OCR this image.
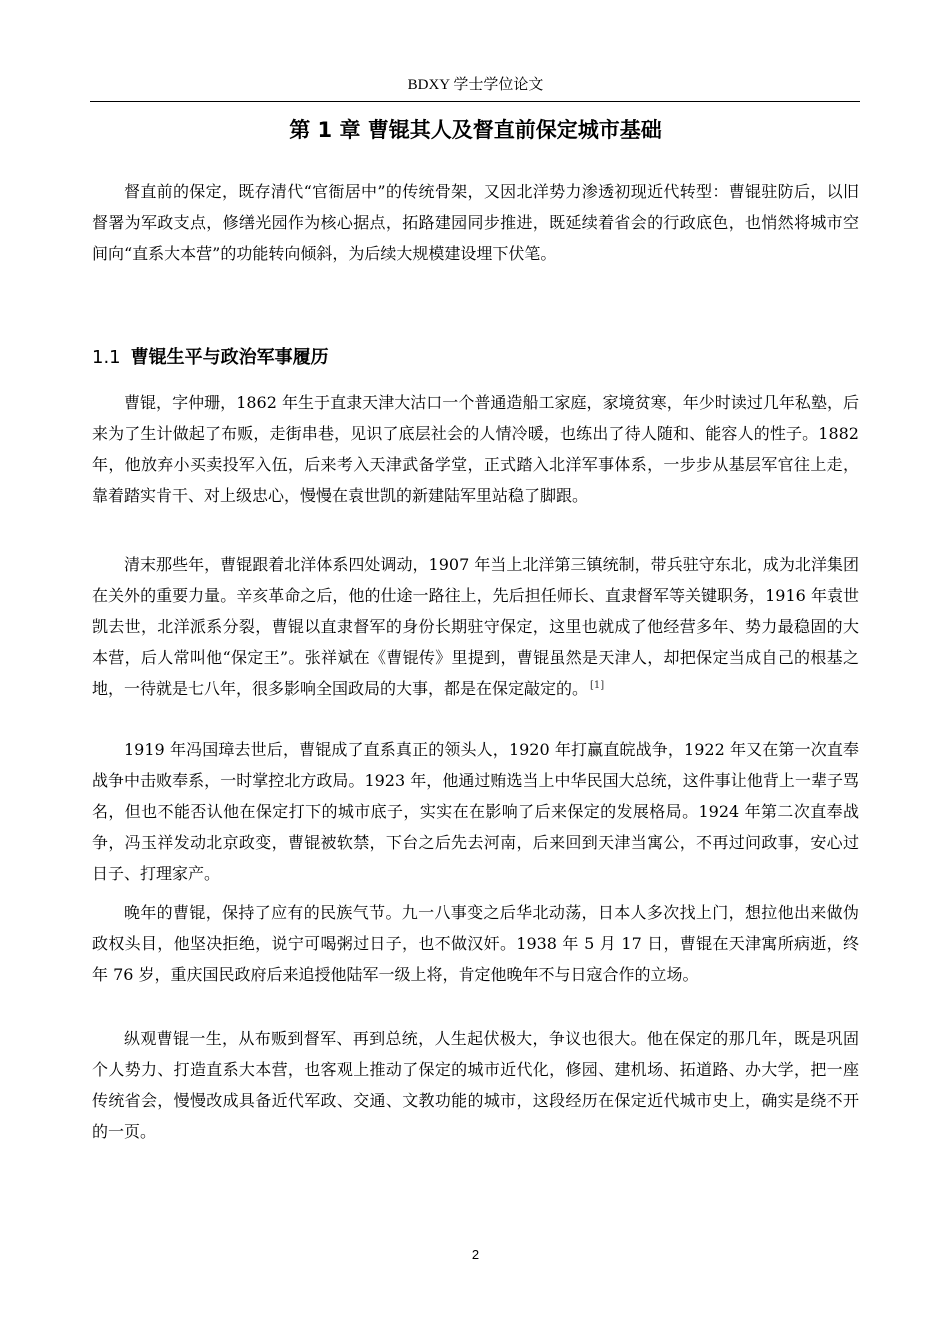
BDXY 学士学位论文
第 1 章 曹锟其人及督直前保定城市基础

督直前的保定，既存清代“官衙居中”的传统骨架，又因北洋势力渗透初现近代转型：曹锟驻防后，以旧督署为军政支点，修缮光园作为核心据点，拓路建园同步推进，既延续着省会的行政底色，也悄然将城市空间向“直系大本营”的功能转向倾斜，为后续大规模建设埋下伏笔。

1.1 曹锟生平与政治军事履历

曹锟，字仲珊，1862 年生于直隶天津大沽口一个普通造船工家庭，家境贫寒，年少时读过几年私塾，后来为了生计做起了布贩，走街串巷，见识了底层社会的人情冷暖，也练出了待人随和、能容人的性子。1882 年，他放弃小买卖投军入伍，后来考入天津武备学堂，正式踏入北洋军事体系，一步步从基层军官往上走，靠着踏实肯干、对上级忠心，慢慢在袁世凯的新建陆军里站稳了脚跟。

清末那些年，曹锟跟着北洋体系四处调动，1907 年当上北洋第三镇统制，带兵驻守东北，成为北洋集团在关外的重要力量。辛亥革命之后，他的仕途一路往上，先后担任师长、直隶督军等关键职务，1916 年袁世凯去世，北洋派系分裂，曹锟以直隶督军的身份长期驻守保定，这里也就成了他经营多年、势力最稳固的大本营，后人常叫他“保定王”。张祥斌在《曹锟传》里提到，曹锟虽然是天津人，却把保定当成自己的根基之地，一待就是七八年，很多影响全国政局的大事，都是在保定敲定的。 [1]

1919 年冯国璋去世后，曹锟成了直系真正的领头人，1920 年打赢直皖战争，1922 年又在第一次直奉战争中击败奉系，一时掌控北方政局。1923 年，他通过贿选当上中华民国大总统，这件事让他背上一辈子骂名，但也不能否认他在保定打下的城市底子，实实在在影响了后来保定的发展格局。1924 年第二次直奉战争，冯玉祥发动北京政变，曹锟被软禁，下台之后先去河南，后来回到天津当寓公，不再过问政事，安心过日子、打理家产。

晚年的曹锟，保持了应有的民族气节。九一八事变之后华北动荡，日本人多次找上门，想拉他出来做伪政权头目，他坚决拒绝，说宁可喝粥过日子，也不做汉奸。1938 年 5 月 17 日，曹锟在天津寓所病逝，终年 76 岁，重庆国民政府后来追授他陆军一级上将，肯定他晚年不与日寇合作的立场。

纵观曹锟一生，从布贩到督军、再到总统，人生起伏极大，争议也很大。他在保定的那几年，既是巩固个人势力、打造直系大本营，也客观上推动了保定的城市近代化，修园、建机场、拓道路、办大学，把一座传统省会，慢慢改成具备近代军政、交通、文教功能的城市，这段经历在保定近代城市史上，确实是绕不开的一页。

2
